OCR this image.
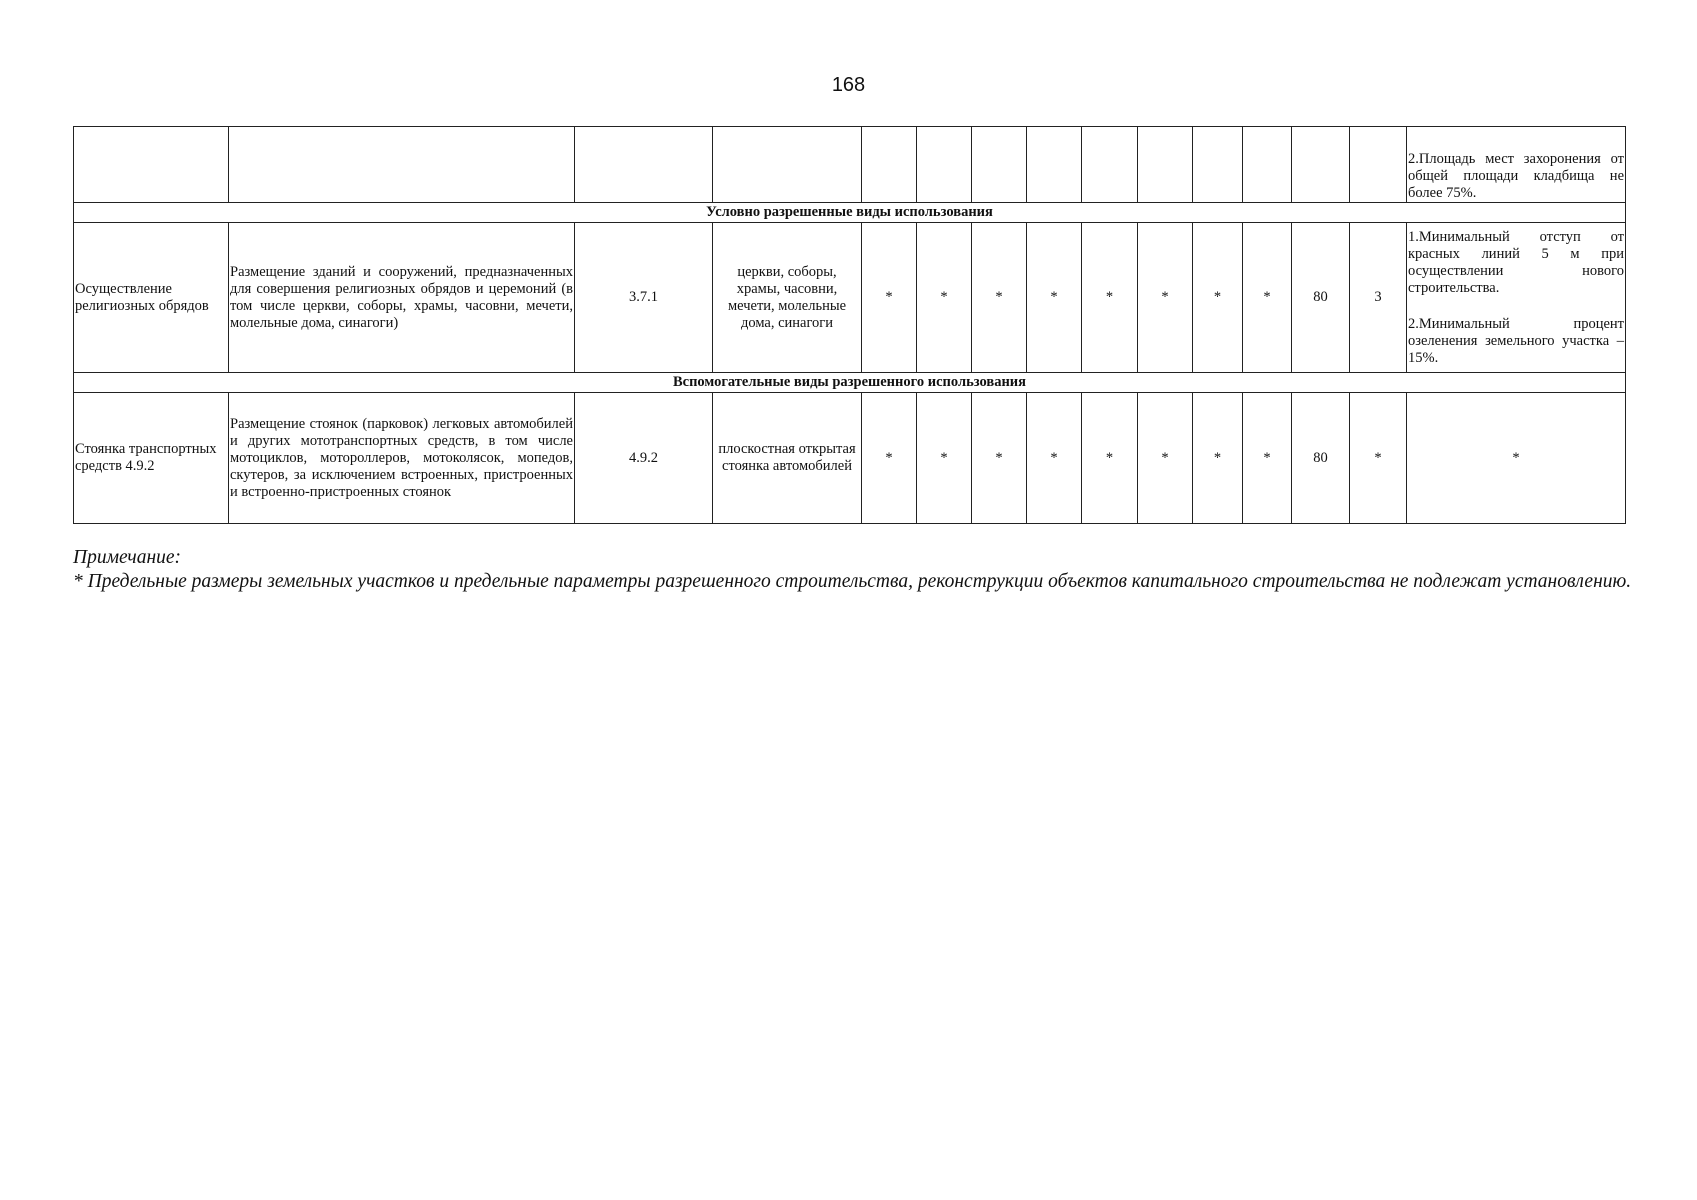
168
														2.Площадь мест захоронения от общей площади кладбища не более 75%.
Условно разрешенные виды использования														
Осуществление религиозных обрядов	Размещение зданий и сооружений, предназначенных для совершения религиозных обрядов и церемоний (в том числе церкви, соборы, храмы, часовни, мечети, молельные дома, синагоги)	3.7.1	церкви, соборы, храмы, часовни, мечети, молельные дома, синагоги	*	*	*	*	*	*	*	*	80	3	1.Минимальный отступ от красных линий 5 м при осуществлении нового строительства.
2.Минимальный процент озеленения земельного участка – 15%.

Вспомогательные виды разрешенного использования														
Стоянка транспортных средств 4.9.2	Размещение стоянок (парковок) легковых автомобилей и других мототранспортных средств, в том числе мотоциклов, мотороллеров, мотоколясок, мопедов, скутеров, за исключением встроенных, пристроенных и встроенно-пристроенных стоянок	4.9.2	плоскостная открытая стоянка автомобилей	*	*	*	*	*	*	*	*	80	*	*

Примечание:

* Предельные размеры земельных участков и предельные параметры разрешенного строительства, реконструкции объектов капитального строительства не подлежат установлению.
